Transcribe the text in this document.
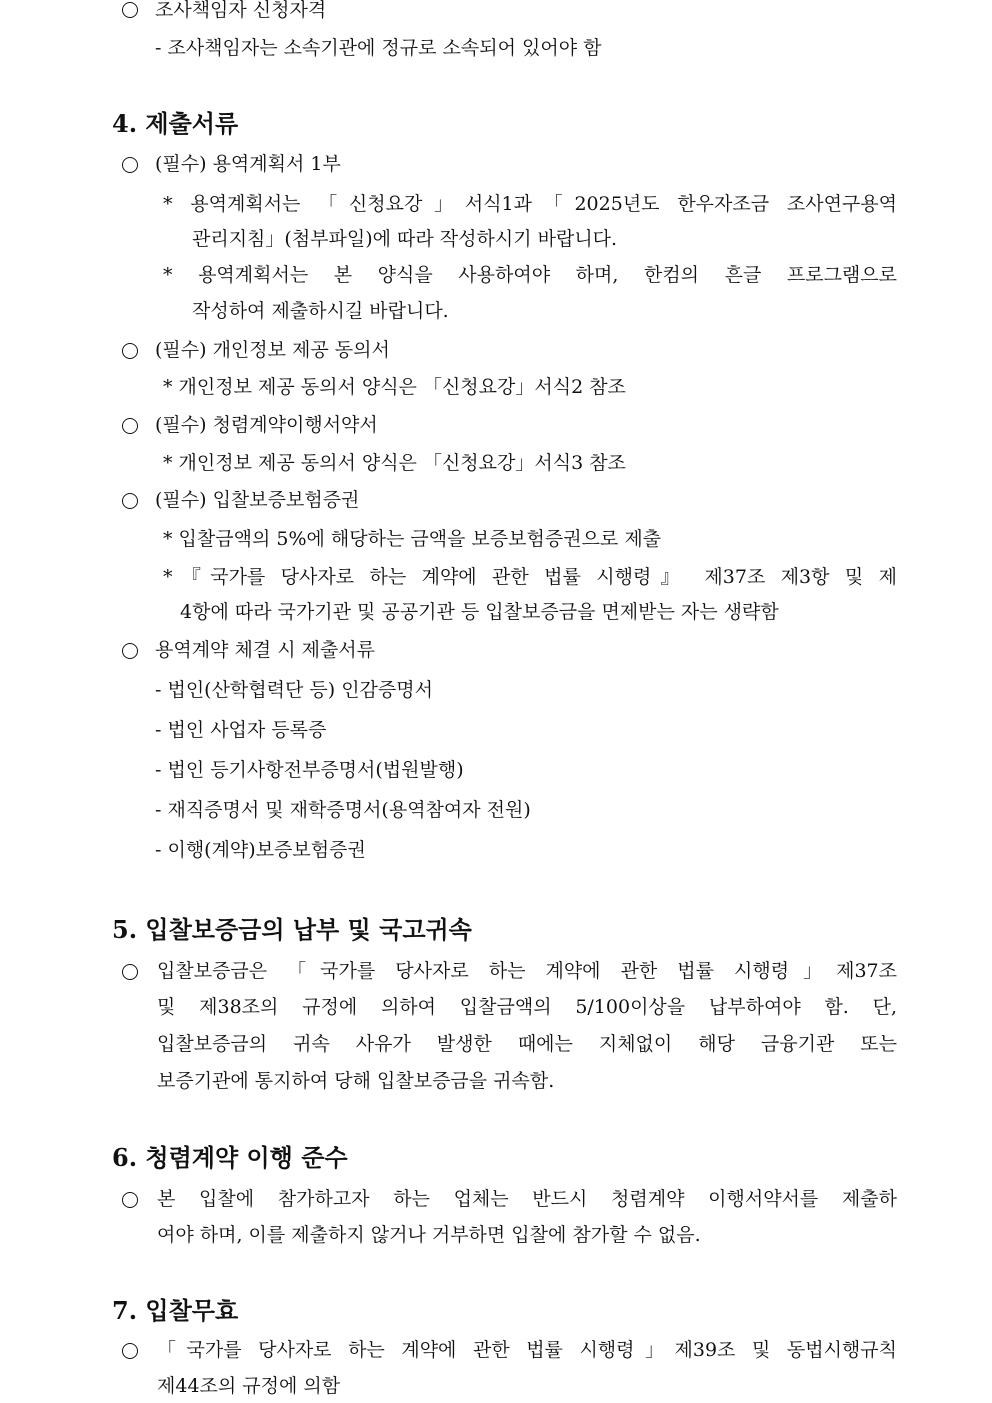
조사책임자 신청자격
- 조사책임자는 소속기관에 정규로 소속되어 있어야 함
4. 제출서류
(필수) 용역계획서 1부
* 용역계획서는 「신청요강」서식1과「2025년도 한우자조금 조사연구용역
관리지침」(첨부파일)에 따라 작성하시기 바랍니다.
* 용역계획서는 본 양식을 사용하여야 하며, 한컴의 흔글 프로그램으로
작성하여 제출하시길 바랍니다.
(필수) 개인정보 제공 동의서
* 개인정보 제공 동의서 양식은 「신청요강」서식2 참조
(필수) 청렴계약이행서약서
* 개인정보 제공 동의서 양식은 「신청요강」서식3 참조
(필수) 입찰보증보험증권
* 입찰금액의 5%에 해당하는 금액을 보증보험증권으로 제출
*『국가를 당사자로 하는 계약에 관한 법률 시행령』 제37조 제3항 및 제
4항에 따라 국가기관 및 공공기관 등 입찰보증금을 면제받는 자는 생략함
용역계약 체결 시 제출서류
- 법인(산학협력단 등) 인감증명서
- 법인 사업자 등록증
- 법인 등기사항전부증명서(법원발행)
- 재직증명서 및 재학증명서(용역참여자 전원)
- 이행(계약)보증보험증권
5. 입찰보증금의 납부 및 국고귀속
입찰보증금은 「국가를 당사자로 하는 계약에 관한 법률 시행령」제37조
및 제38조의 규정에 의하여 입찰금액의 5/100이상을 납부하여야 함. 단,
입찰보증금의 귀속 사유가 발생한 때에는 지체없이 해당 금융기관 또는
보증기관에 통지하여 당해 입찰보증금을 귀속함.
6. 청렴계약 이행 준수
본 입찰에 참가하고자 하는 업체는 반드시 청렴계약 이행서약서를 제출하
여야 하며, 이를 제출하지 않거나 거부하면 입찰에 참가할 수 없음.
7. 입찰무효
「국가를 당사자로 하는 계약에 관한 법률 시행령」제39조 및 동법시행규칙
제44조의 규정에 의함
